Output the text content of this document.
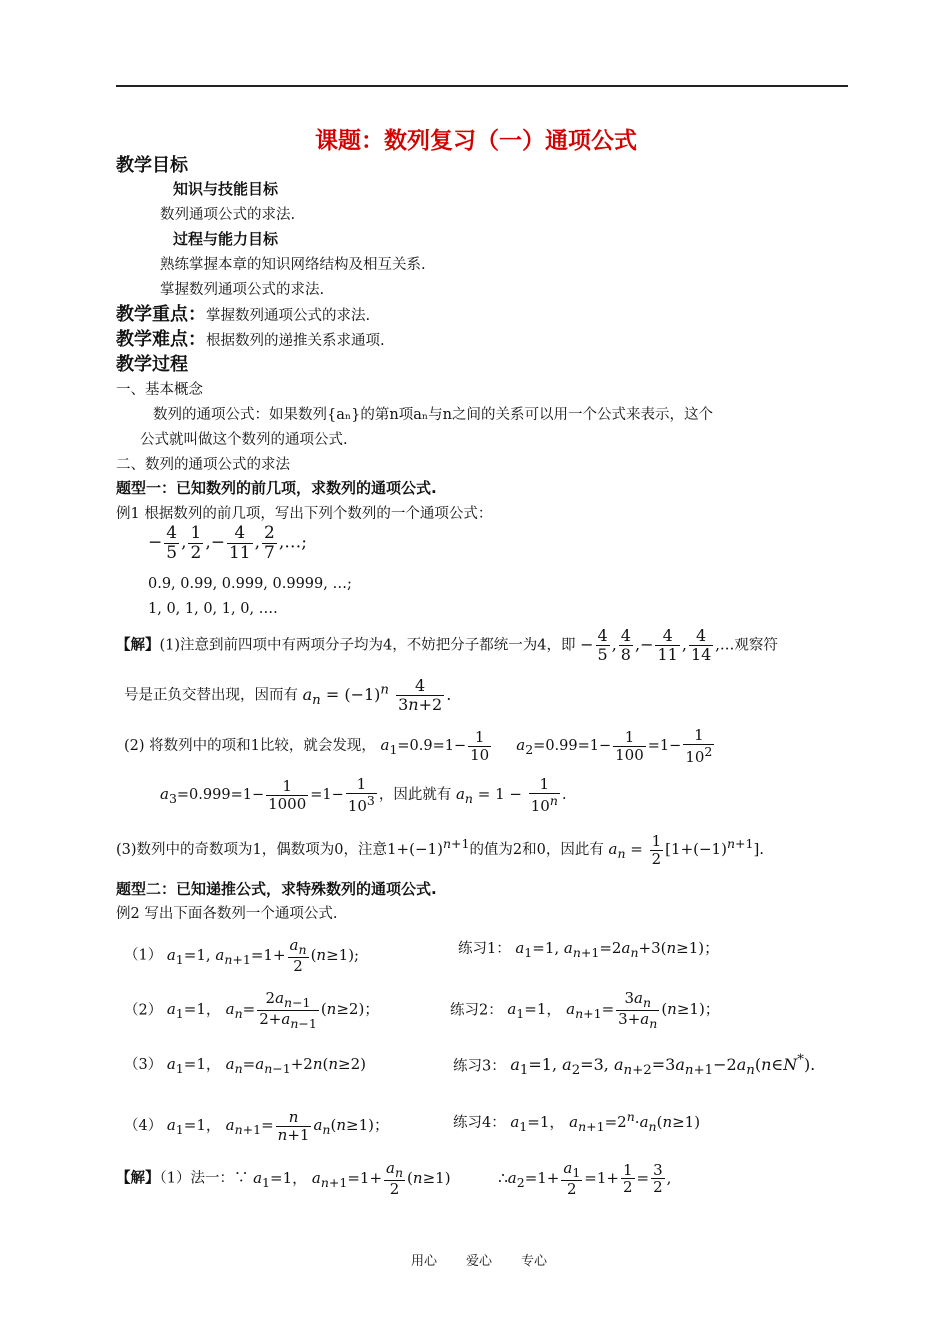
课题：数列复习（一）通项公式
教学目标
知识与技能目标
数列通项公式的求法.
过程与能力目标
熟练掌握本章的知识网络结构及相互关系.
掌握数列通项公式的求法.
教学重点：掌握数列通项公式的求法.
教学难点：根据数列的递推关系求通项.
教学过程
一、基本概念
数列的通项公式：如果数列{aₙ}的第n项aₙ与n之间的关系可以用一个公式来表示，这个
公式就叫做这个数列的通项公式.
二、数列的通项公式的求法
题型一：已知数列的前几项，求数列的通项公式.
例1 根据数列的前几项，写出下列个数列的一个通项公式：
− $\frac{4}{5}$ , $\frac{1}{2}$ ,− $\frac{4}{11}$ , $\frac{2}{7}$ ,…;
0.9, 0.99, 0.999, 0.9999, …;
1, 0, 1, 0, 1, 0, ….
【解】(1)注意到前四项中有两项分子均为4，不妨把分子都统一为4，即 − $\frac{4}{5}$ , $\frac{4}{8}$ ,− $\frac{4}{11}$ , $\frac{4}{14}$ ,…观察符
号是正负交替出现，因而有 $a_n = (-1)^n \frac{4}{3n+2}$ .
(2) 将数列中的项和1比较，就会发现， $a_1=0.9=1- \frac{1}{10} a_2=0.99=1- \frac{1}{100} =1- \frac{1}{10^2}$
$a_3=0.999=1- \frac{1}{1000} =1- \frac{1}{10^3}$ ，因此就有 $a_n = 1 - \frac{1}{10^n}$ .
(3)数列中的奇数项为1，偶数项为0，注意$1+(-1)^{n+1}$的值为2和0，因此有 $a_n = \frac{1}{2} [1+(-1)^{n+1}]$.
题型二：已知递推公式，求特殊数列的通项公式.
例2 写出下面各数列一个通项公式.
（1） $a_1=1$, $a_{n+1}=1+ \frac{a_n}{2} (n\ge 1)$;	练习1： $a_1=1$, $a_{n+1}=2a_n+3(n\ge 1)$；
（2） $a_1=1$， $a_n= \frac{2a_{n-1}}{2+a_{n-1}} (n\ge 2)$；	练习2： $a_1=1$， $a_{n+1}= \frac{3a_n}{3+a_n} (n\ge 1)$；
（3） $a_1=1$， $a_n=a_{n-1}+2n(n\ge 2)$	练习3： $a_1=1$, $a_2=3$, $a_{n+2}=3a_{n+1}-2a_n(n\in N^*)$.
（4） $a_1=1$， $a_{n+1}= \frac{n}{n+1} a_n(n\ge 1)$；	练习4： $a_1=1$， $a_{n+1}=2^n\cdot a_n(n\ge 1)$
【解】（1）法一：∵ $a_1=1$， $a_{n+1}=1+ \frac{a_n}{2} (n\ge 1)$          $\therefore a_2=1+ \frac{a_1}{2} =1+ \frac{1}{2} = \frac{3}{2}$ ,
用心 爱心 专心
